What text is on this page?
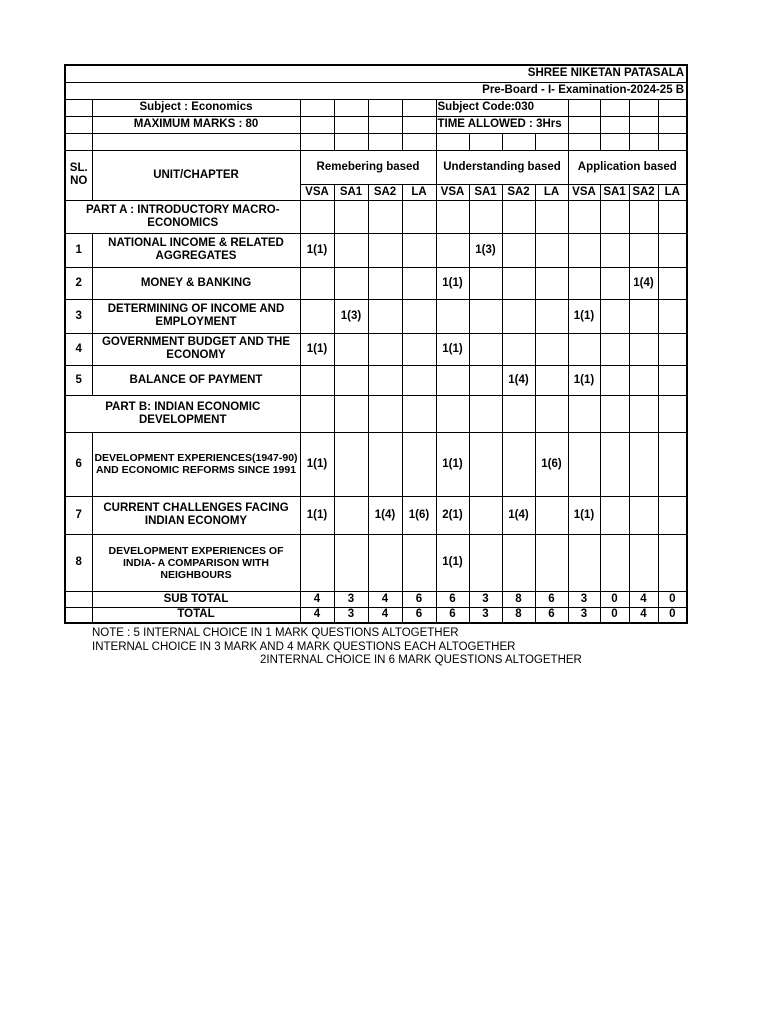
SHREE NIKETAN PATASALA													
Pre-Board - I- Examination-2024-25 B													
	Subject : Economics					Subject Code:030							
	MAXIMUM MARKS : 80					TIME ALLOWED : 3Hrs							

SL. NO	UNIT/CHAPTER	Remebering based				Understanding based				Application based			
		VSA	SA1	SA2	LA	VSA	SA1	SA2	LA	VSA	SA1	SA2	LA
PART A : INTRODUCTORY MACRO-ECONOMICS													
1	NATIONAL INCOME & RELATED AGGREGATES	1(1)					1(3)						
2	MONEY & BANKING					1(1)						1(4)	
3	DETERMINING OF INCOME AND EMPLOYMENT		1(3)							1(1)			
4	GOVERNMENT BUDGET AND THE ECONOMY	1(1)				1(1)							
5	BALANCE OF PAYMENT							1(4)		1(1)			
PART B: INDIAN ECONOMIC DEVELOPMENT													
6	DEVELOPMENT EXPERIENCES(1947-90) AND ECONOMIC REFORMS SINCE 1991	1(1)				1(1)			1(6)				
7	CURRENT CHALLENGES FACING INDIAN ECONOMY	1(1)		1(4)	1(6)	2(1)		1(4)		1(1)			
8	DEVELOPMENT EXPERIENCES OF INDIA- A COMPARISON WITH NEIGHBOURS					1(1)							
	SUB TOTAL	4	3	4	6	6	3	8	6	3	0	4	0
	TOTAL	4	3	4	6	6	3	8	6	3	0	4	0
NOTE : 5 INTERNAL CHOICE IN 1 MARK QUESTIONS ALTOGETHER
INTERNAL CHOICE IN 3 MARK AND 4 MARK QUESTIONS EACH ALTOGETHER
2INTERNAL CHOICE IN 6 MARK QUESTIONS ALTOGETHER
